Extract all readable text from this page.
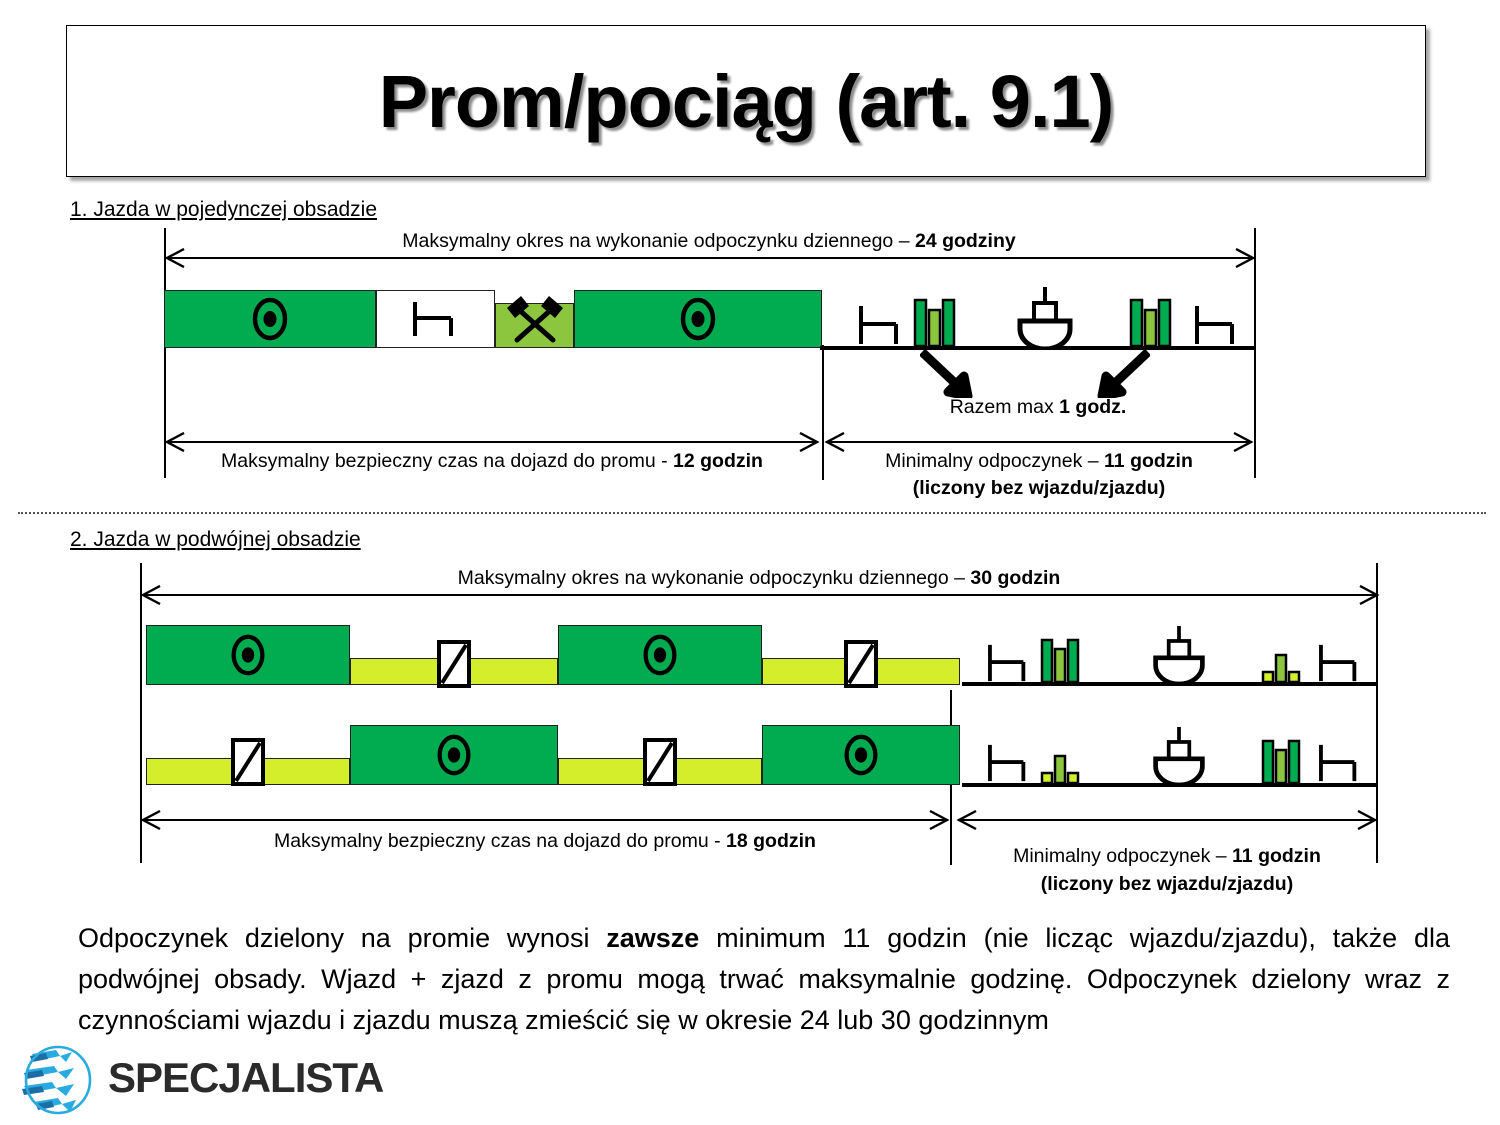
Prom/pociąg (art. 9.1)
1. Jazda w pojedynczej obsadzie
Maksymalny okres na wykonanie odpoczynku dziennego – 24 godziny
Razem max 1 godz.
Maksymalny bezpieczny czas na dojazd do promu - 12 godzin	Minimalny odpoczynek – 11 godzin
(liczony bez wjazdu/zjazdu)
2. Jazda w podwójnej obsadzie
Maksymalny okres na wykonanie odpoczynku dziennego – 30 godzin
Maksymalny bezpieczny czas na dojazd do promu - 18 godzin
Minimalny odpoczynek – 11 godzin
(liczony bez wjazdu/zjazdu)
Odpoczynek dzielony na promie wynosi zawsze minimum 11 godzin (nie licząc wjazdu/zjazdu), także dla podwójnej obsady. Wjazd + zjazd z promu mogą trwać maksymalnie godzinę. Odpoczynek dzielony wraz z czynnościami wjazdu i zjazdu muszą zmieścić się w okresie 24 lub 30 godzinnym
SPECJALISTA
